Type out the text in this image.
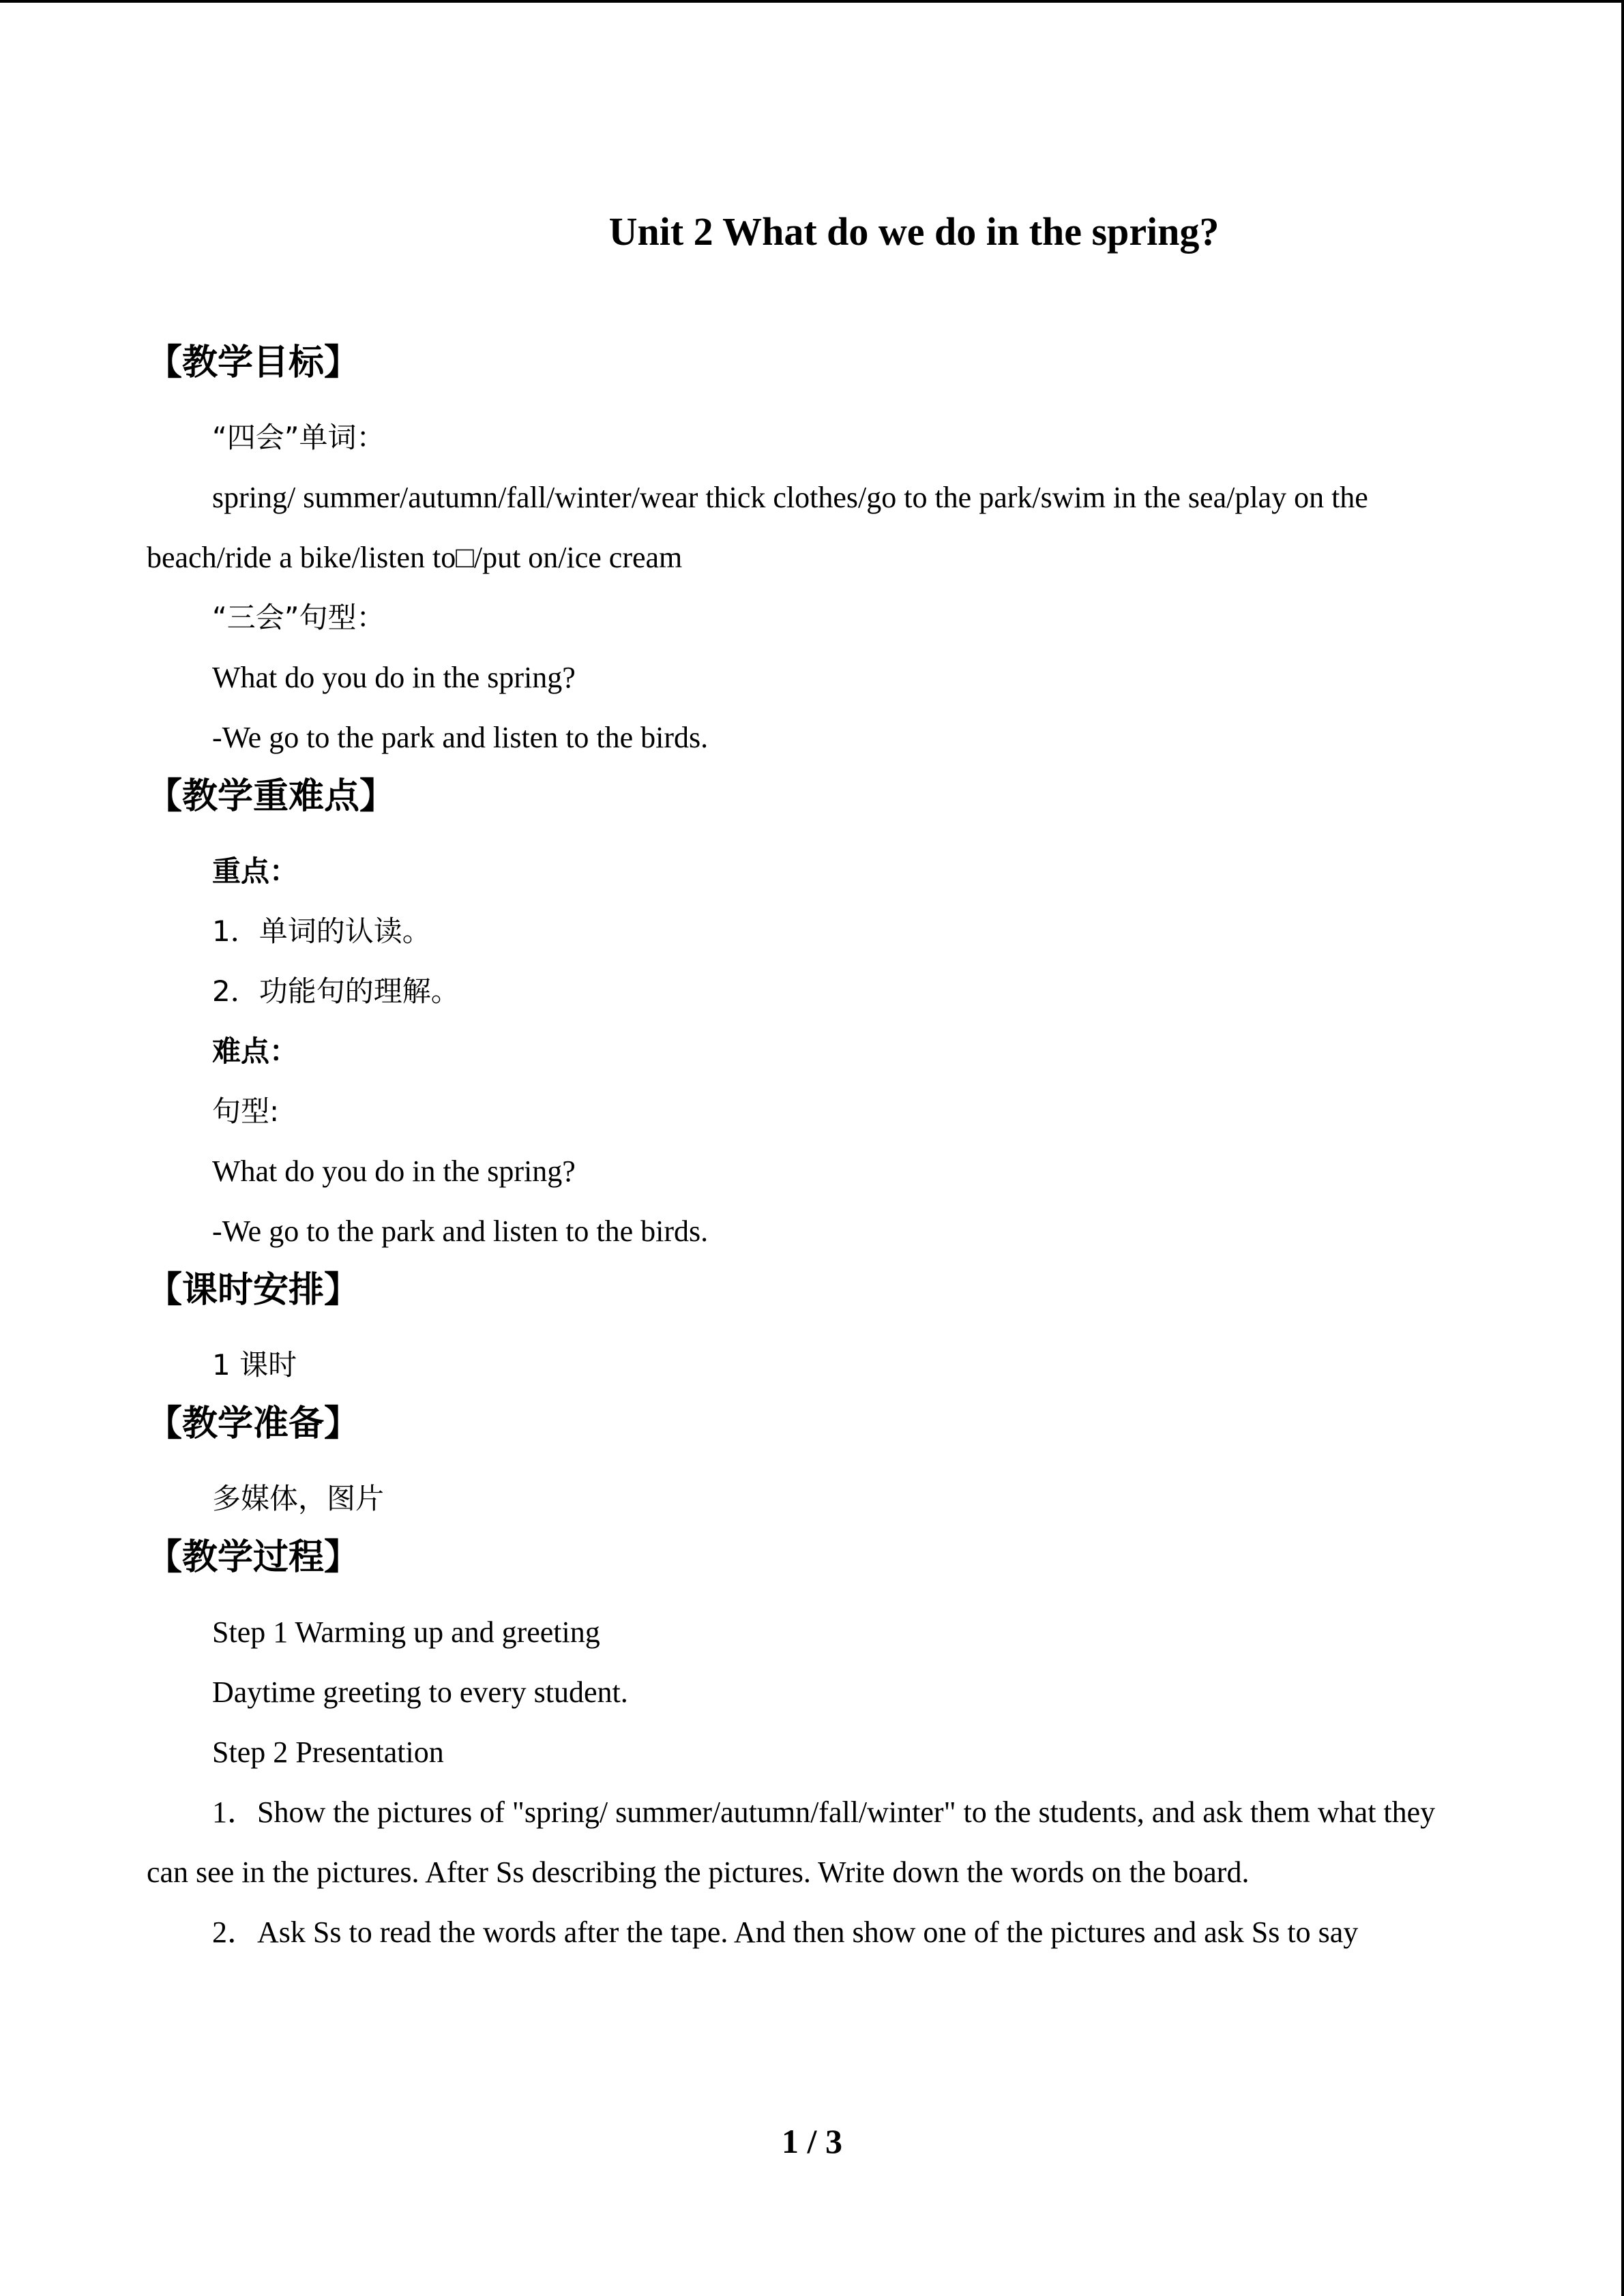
Unit 2 What do we do in the spring?
【教学目标】

“四会”单词：

spring/ summer/autumn/fall/winter/wear thick clothes/go to the park/swim in the sea/play on the beach/ride a bike/listen to□/put on/ice cream

“三会”句型：

What do you do in the spring?

-We go to the park and listen to the birds.

【教学重难点】

重点：

1．单词的认读。

2．功能句的理解。

难点：

句型:

What do you do in the spring?

-We go to the park and listen to the birds.

【课时安排】

1 课时

【教学准备】

多媒体，图片

【教学过程】

Step 1 Warming up and greeting

Daytime greeting to every student.

Step 2 Presentation

1．Show the pictures of "spring/ summer/autumn/fall/winter" to the students, and ask them what they can see in the pictures. After Ss describing the pictures. Write down the words on the board.

2．Ask Ss to read the words after the tape. And then show one of the pictures and ask Ss to say

1 / 3
